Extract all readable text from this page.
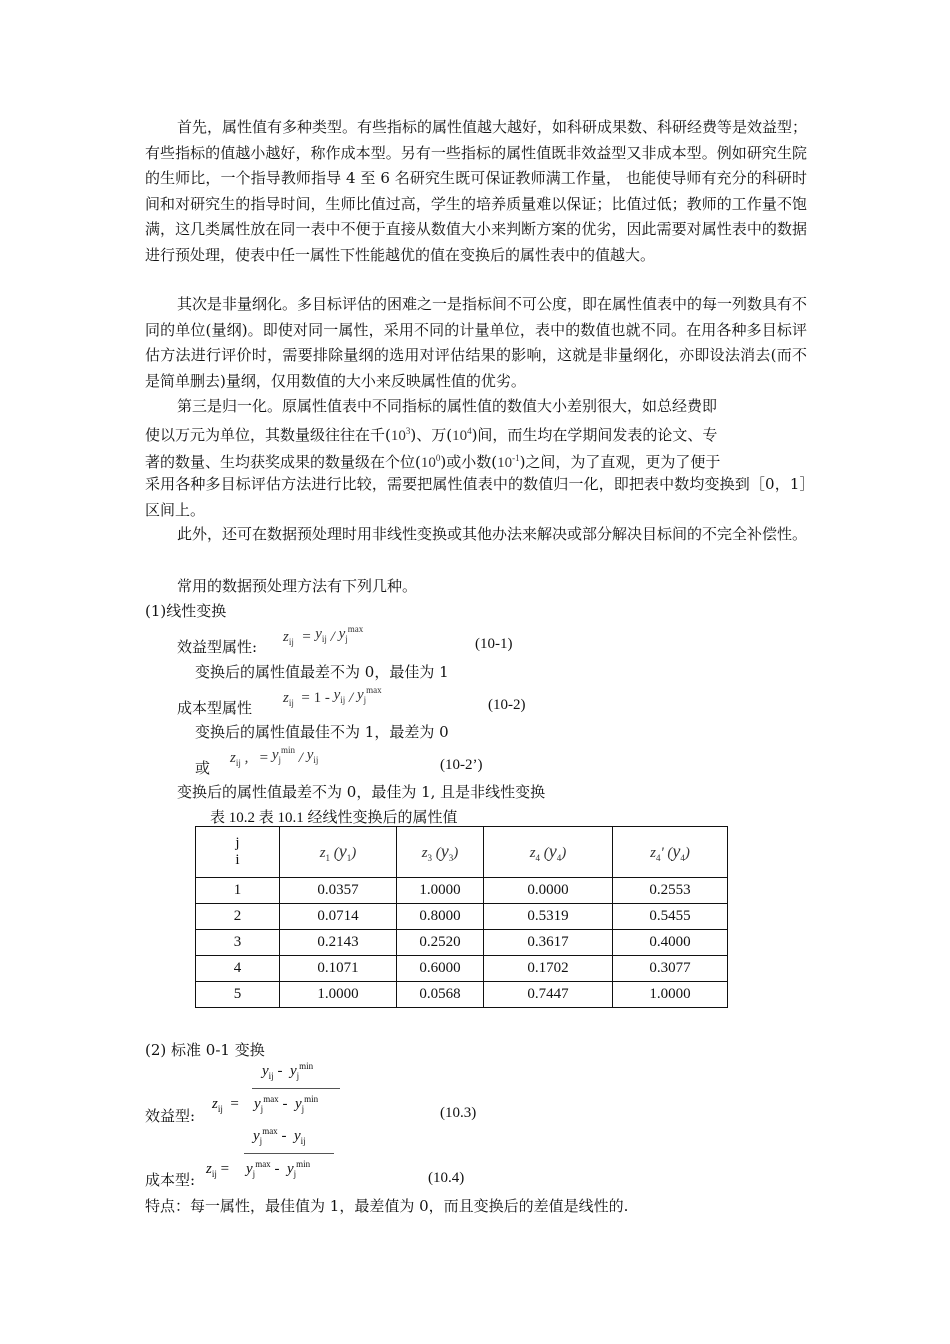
首先，属性值有多种类型。有些指标的属性值越大越好，如科研成果数、科研经费等是效益型；有些指标的值越小越好，称作成本型。另有一些指标的属性值既非效益型又非成本型。例如研究生院的生师比，一个指导教师指导 4 至 6 名研究生既可保证教师满工作量， 也能使导师有充分的科研时间和对研究生的指导时间，生师比值过高，学生的培养质量难以保证；比值过低；教师的工作量不饱满，这几类属性放在同一表中不便于直接从数值大小来判断方案的优劣，因此需要对属性表中的数据进行预处理，使表中任一属性下性能越优的值在变换后的属性表中的值越大。
其次是非量纲化。多目标评估的困难之一是指标间不可公度，即在属性值表中的每一列数具有不同的单位(量纲)。即使对同一属性，采用不同的计量单位，表中的数值也就不同。在用各种多目标评估方法进行评价时，需要排除量纲的选用对评估结果的影响，这就是非量纲化，亦即设法消去(而不是简单删去)量纲，仅用数值的大小来反映属性值的优劣。
第三是归一化。原属性值表中不同指标的属性值的数值大小差别很大，如总经费即
使以万元为单位，其数量级往往在千$(10^3)$、万$(10^4)$间，而生均在学期间发表的论文、专
著的数量、生均获奖成果的数量级在个位$(10^0)$或小数$(10^{-1})$之间，为了直观，更为了便于
采用各种多目标评估方法进行比较，需要把属性值表中的数值归一化，即把表中数均变换到［0，1］区间上。
此外，还可在数据预处理时用非线性变换或其他办法来解决或部分解决目标间的不完全补偿性。
常用的数据预处理方法有下列几种。
(1)线性变换
效益型属性:
$z_{ij} = y_{ij} / y_j^{max}$
(10-1)
变换后的属性值最差不为 0，最佳为 1
成本型属性
$z_{ij} = 1 - y_{ij} / y_j^{max}$
(10-2)
变换后的属性值最佳不为 1，最差为 0
或
$z_{ij}$ ,   = $y_j^{min} / y_{ij}$	(10-2’)
变换后的属性值最差不为 0，最佳为 1, 且是非线性变换
表 10.2 表 10.1 经线性变换后的属性值
j
i	$z_1$ $(y_1)$	$z_3$ $(y_3)$	$z_4$ $(y_4)$	$z_4'$ $(y_4)$
1	0.0357	1.0000	0.0000	0.2553
2	0.0714	0.8000	0.5319	0.5455
3	0.2143	0.2520	0.3617	0.4000
4	0.1071	0.6000	0.1702	0.3077
5	1.0000	0.0568	0.7447	1.0000
(2) 标准 0-1 变换
效益型:
$z_{ij}$ =
$y_{ij} - y_j^{min}$
$y_j^{max} - y_j^{min}$
(10.3)
成本型:
$z_{ij}$ =
$y_j^{max} - y_{ij}$
$y_j^{max} - y_j^{min}$
(10.4)
特点：每一属性，最佳值为 1，最差值为 0，而且变换后的差值是线性的.
